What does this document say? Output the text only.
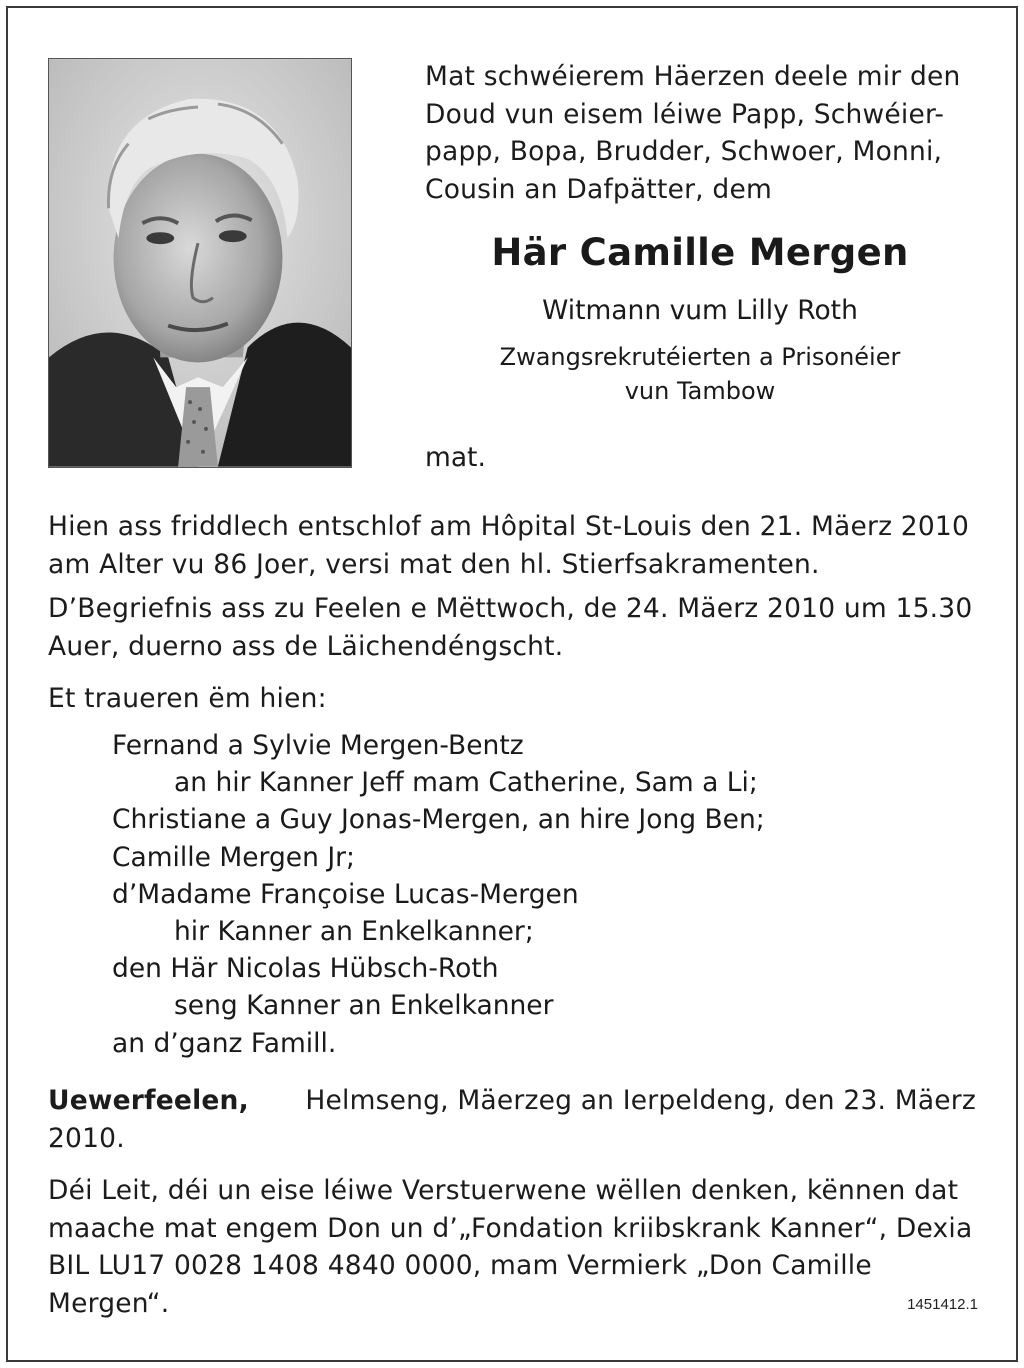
Mat schwéierem Häerzen deele mir den
Doud vun eisem léiwe Papp, Schwéier-
papp, Bopa, Brudder, Schwoer, Monni,
Cousin an Dafpätter, dem
Här Camille Mergen
Witmann vum Lilly Roth
Zwangsrekrutéierten a Prisonéier
vun Tambow
mat.
Hien ass friddlech entschlof am Hôpital St-Louis den 21. Mäerz 2010
am Alter vu 86 Joer, versi mat den hl. Stierfsakramenten.
D’Begriefnis ass zu Feelen e Mëttwoch, de 24. Mäerz 2010 um 15.30
Auer, duerno ass de Läichendéngscht.
Et traueren ëm hien:
Fernand a Sylvie Mergen-Bentz
an hir Kanner Jeff mam Catherine, Sam a Li;
Christiane a Guy Jonas-Mergen, an hire Jong Ben;
Camille Mergen Jr;
d’Madame Françoise Lucas-Mergen
hir Kanner an Enkelkanner;
den Här Nicolas Hübsch-Roth
seng Kanner an Enkelkanner
an d’ganz Famill.
Uewerfeelen, Helmseng, Mäerzeg an Ierpeldeng, den 23. Mäerz
2010.
Déi Leit, déi un eise léiwe Verstuerwene wëllen denken, kënnen dat
maache mat engem Don un d’„Fondation kriibskrank Kanner“, Dexia
BIL LU17 0028 1408 4840 0000, mam Vermierk „Don Camille
Mergen“.	1451412.1
